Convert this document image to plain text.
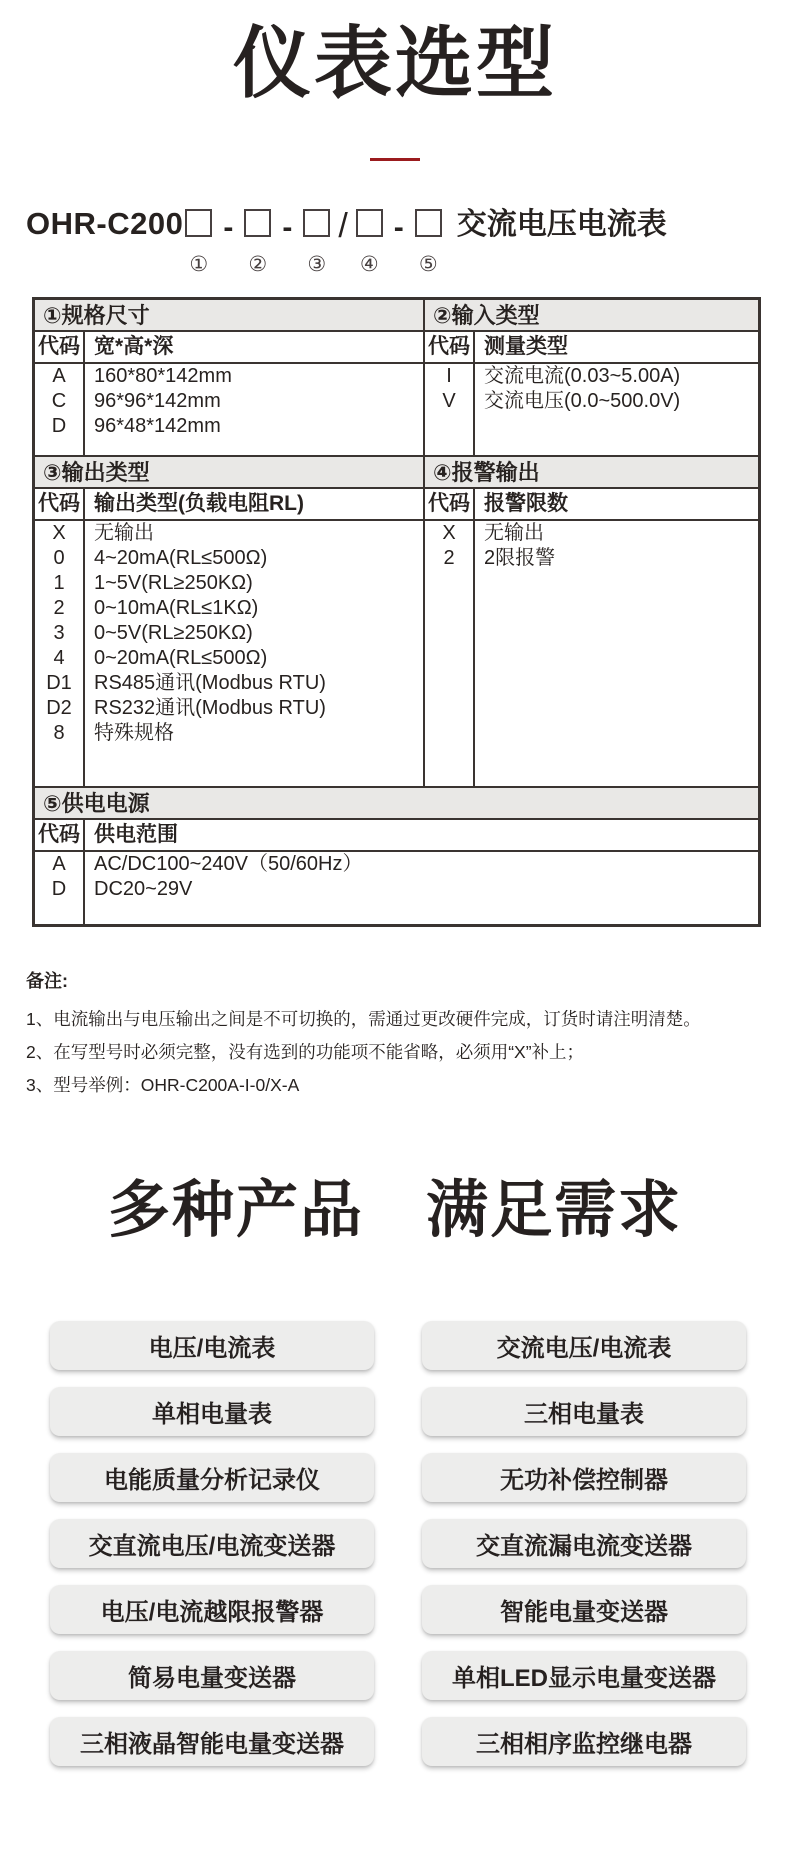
仪表选型
OHR-C200
①
-
②
-
③
/
④
-
⑤
交流电压电流表
①规格尺寸
代码 宽*高*深
A	160*80*142mm
C	96*96*142mm
D	96*48*142mm
②输入类型
代码 测量类型
I	交流电流(0.03~5.00A)
V	交流电压(0.0~500.0V)
③输出类型
代码 输出类型(负载电阻RL)
X	无输出
0	4~20mA(RL≤500Ω)
1	1~5V(RL≥250KΩ)
2	0~10mA(RL≤1KΩ)
3	0~5V(RL≥250KΩ)
4	0~20mA(RL≤500Ω)
D1	RS485通讯(Modbus RTU)
D2	RS232通讯(Modbus RTU)
8	特殊规格
④报警输出
代码 报警限数
X	无输出
2	2限报警
⑤供电电源
代码 供电范围
A	AC/DC100~240V（50/60Hz）
D	DC20~29V
备注:

1、电流输出与电压输出之间是不可切换的，需通过更改硬件完成，订货时请注明清楚。

2、在写型号时必须完整，没有选到的功能项不能省略，必须用“X”补上；

3、型号举例：OHR-C200A-I-0/X-A

多种产品 满足需求
电压/电流表	交流电压/电流表
单相电量表	三相电量表
电能质量分析记录仪	无功补偿控制器
交直流电压/电流变送器	交直流漏电流变送器
电压/电流越限报警器	智能电量变送器
简易电量变送器	单相LED显示电量变送器
三相液晶智能电量变送器	三相相序监控继电器
